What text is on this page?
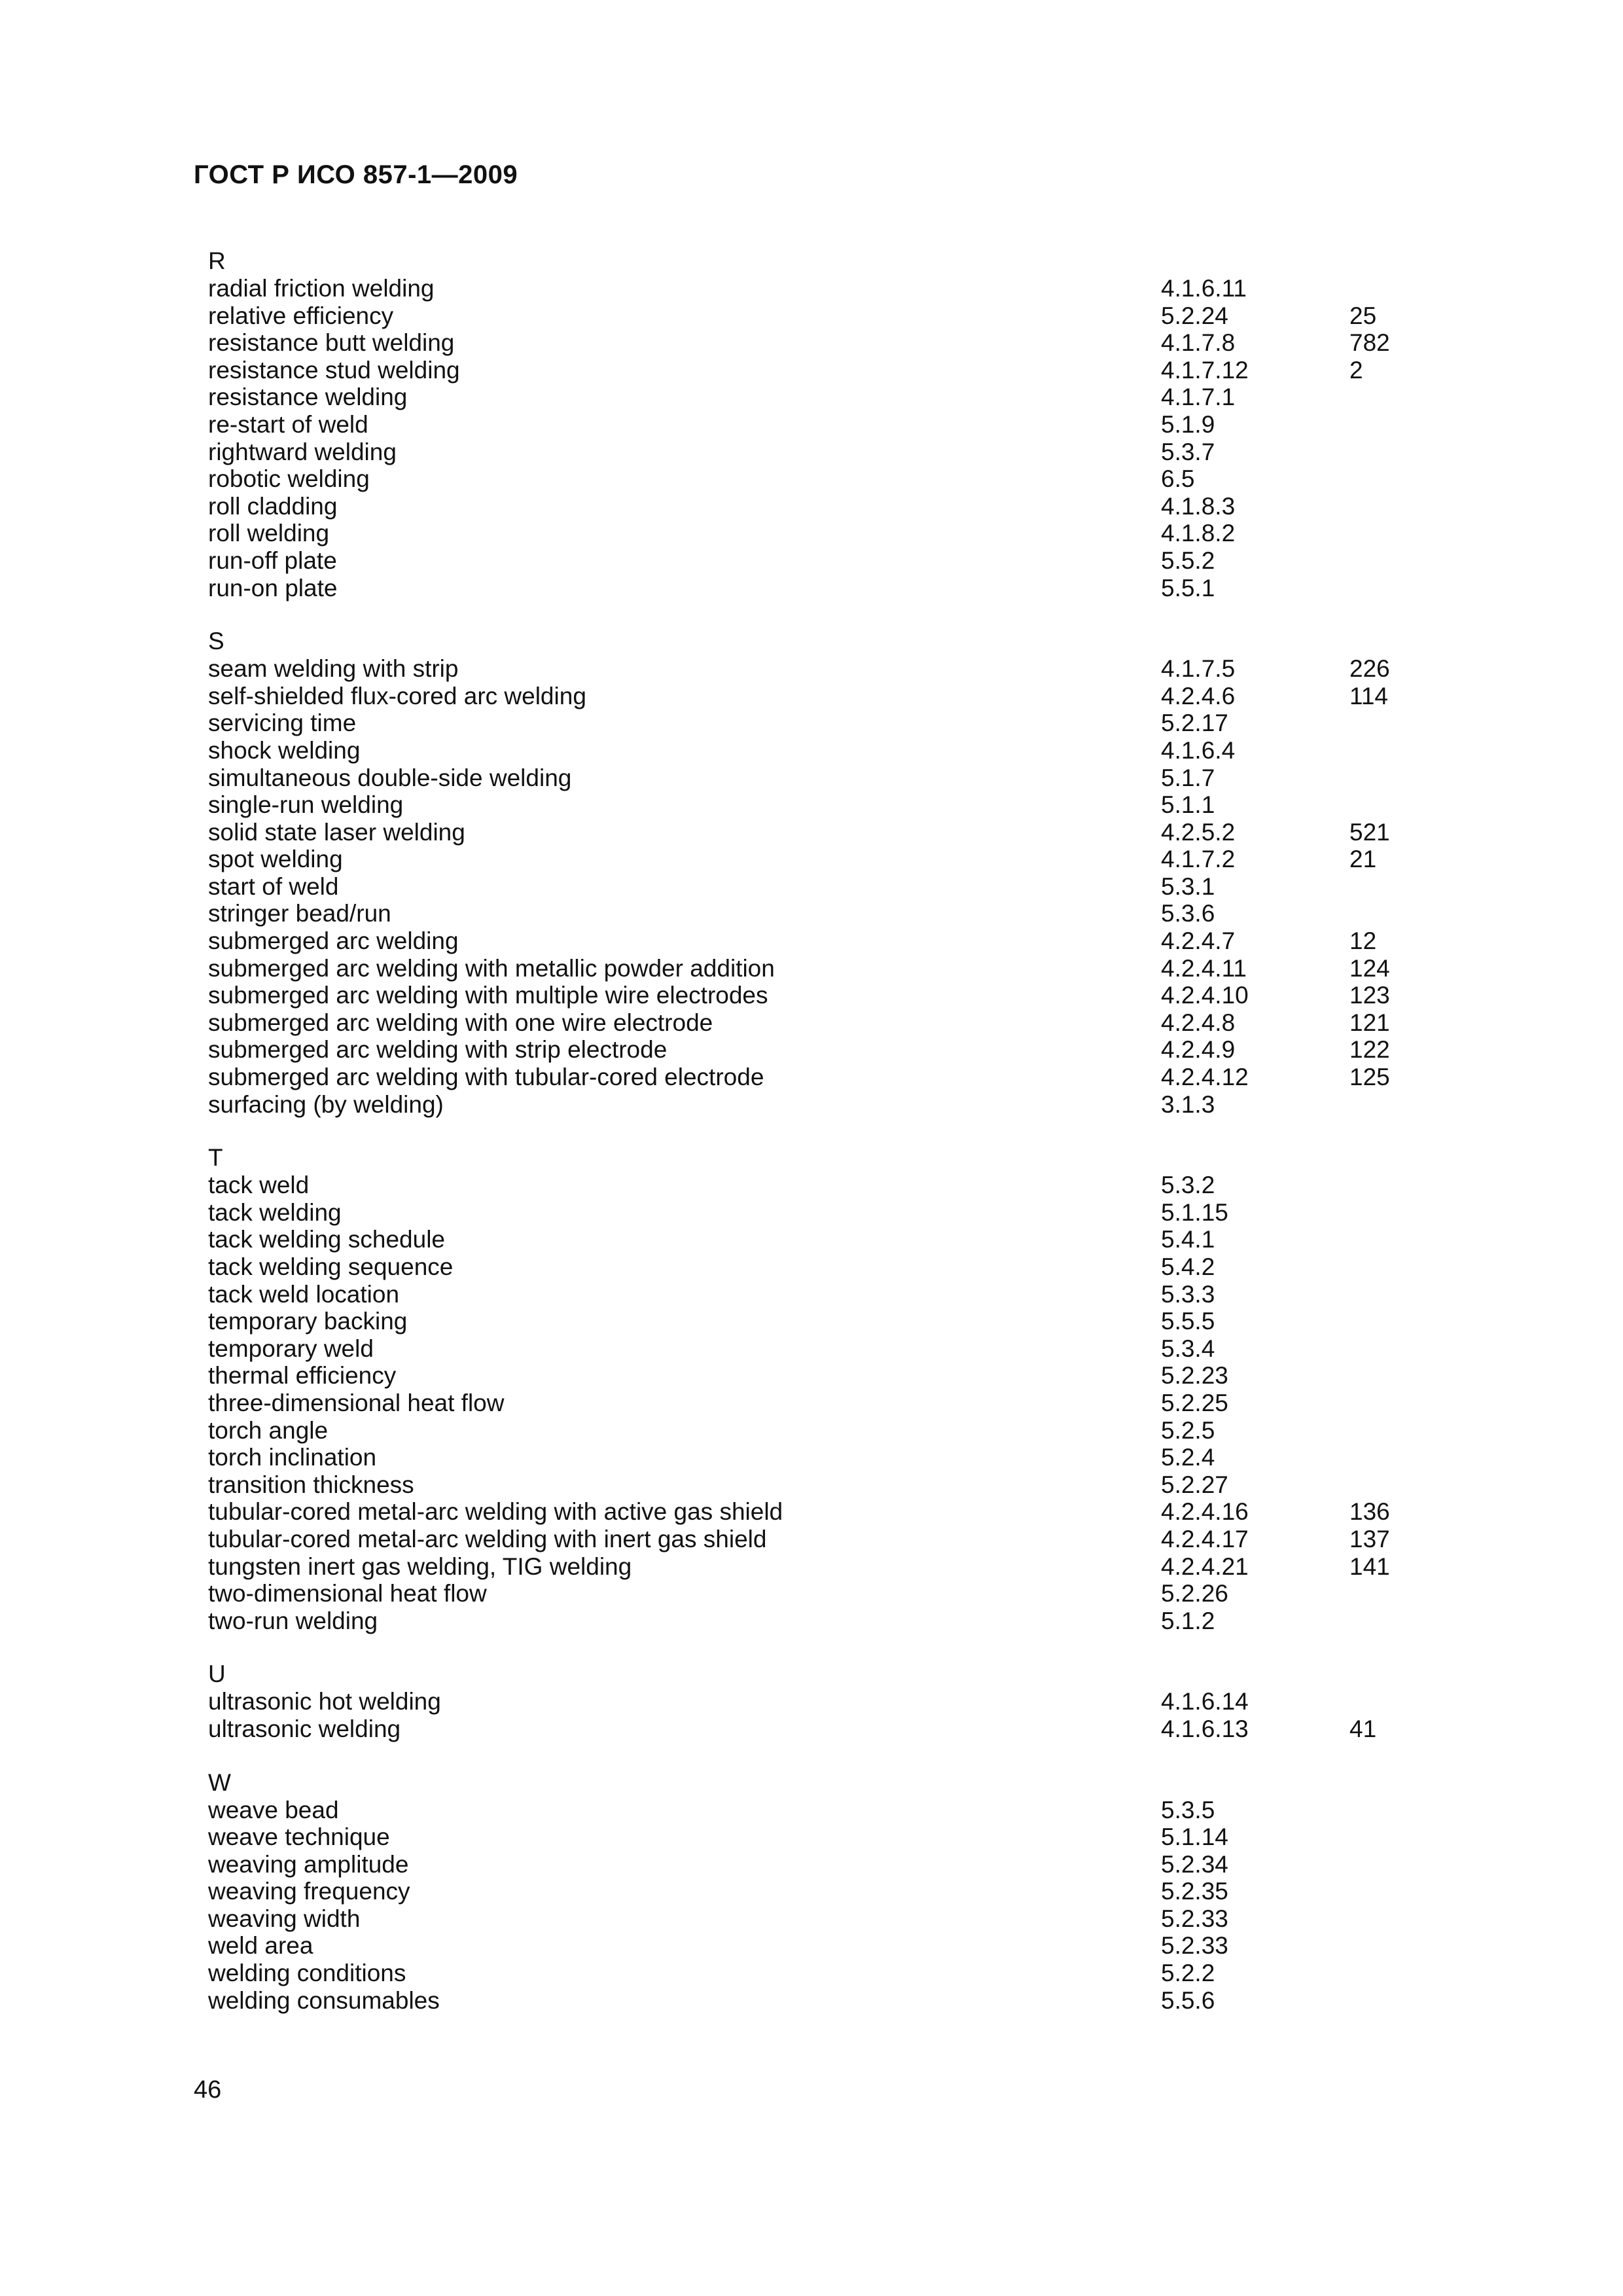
ГОСТ Р ИСО 857-1—2009
R
radial friction welding	4.1.6.11
relative efficiency	5.2.24	25
resistance butt welding	4.1.7.8	782
resistance stud welding	4.1.7.12	2
resistance welding	4.1.7.1
re-start of weld	5.1.9
rightward welding	5.3.7
robotic welding	6.5
roll cladding	4.1.8.3
roll welding	4.1.8.2
run-off plate	5.5.2
run-on plate	5.5.1
S
seam welding with strip	4.1.7.5	226
self-shielded flux-cored arc welding	4.2.4.6	114
servicing time	5.2.17
shock welding	4.1.6.4
simultaneous double-side welding	5.1.7
single-run welding	5.1.1
solid state laser welding	4.2.5.2	521
spot welding	4.1.7.2	21
start of weld	5.3.1
stringer bead/run	5.3.6
submerged arc welding	4.2.4.7	12
submerged arc welding with metallic powder addition	4.2.4.11	124
submerged arc welding with multiple wire electrodes	4.2.4.10	123
submerged arc welding with one wire electrode	4.2.4.8	121
submerged arc welding with strip electrode	4.2.4.9	122
submerged arc welding with tubular-cored electrode	4.2.4.12	125
surfacing (by welding)	3.1.3
T
tack weld	5.3.2
tack welding	5.1.15
tack welding schedule	5.4.1
tack welding sequence	5.4.2
tack weld location	5.3.3
temporary backing	5.5.5
temporary weld	5.3.4
thermal efficiency	5.2.23
three-dimensional heat flow	5.2.25
torch angle	5.2.5
torch inclination	5.2.4
transition thickness	5.2.27
tubular-cored metal-arc welding with active gas shield	4.2.4.16	136
tubular-cored metal-arc welding with inert gas shield	4.2.4.17	137
tungsten inert gas welding, TIG welding	4.2.4.21	141
two-dimensional heat flow	5.2.26
two-run welding	5.1.2
U
ultrasonic hot welding	4.1.6.14
ultrasonic welding	4.1.6.13	41
W
weave bead	5.3.5
weave technique	5.1.14
weaving amplitude	5.2.34
weaving frequency	5.2.35
weaving width	5.2.33
weld area	5.2.33
welding conditions	5.2.2
welding consumables	5.5.6
46
